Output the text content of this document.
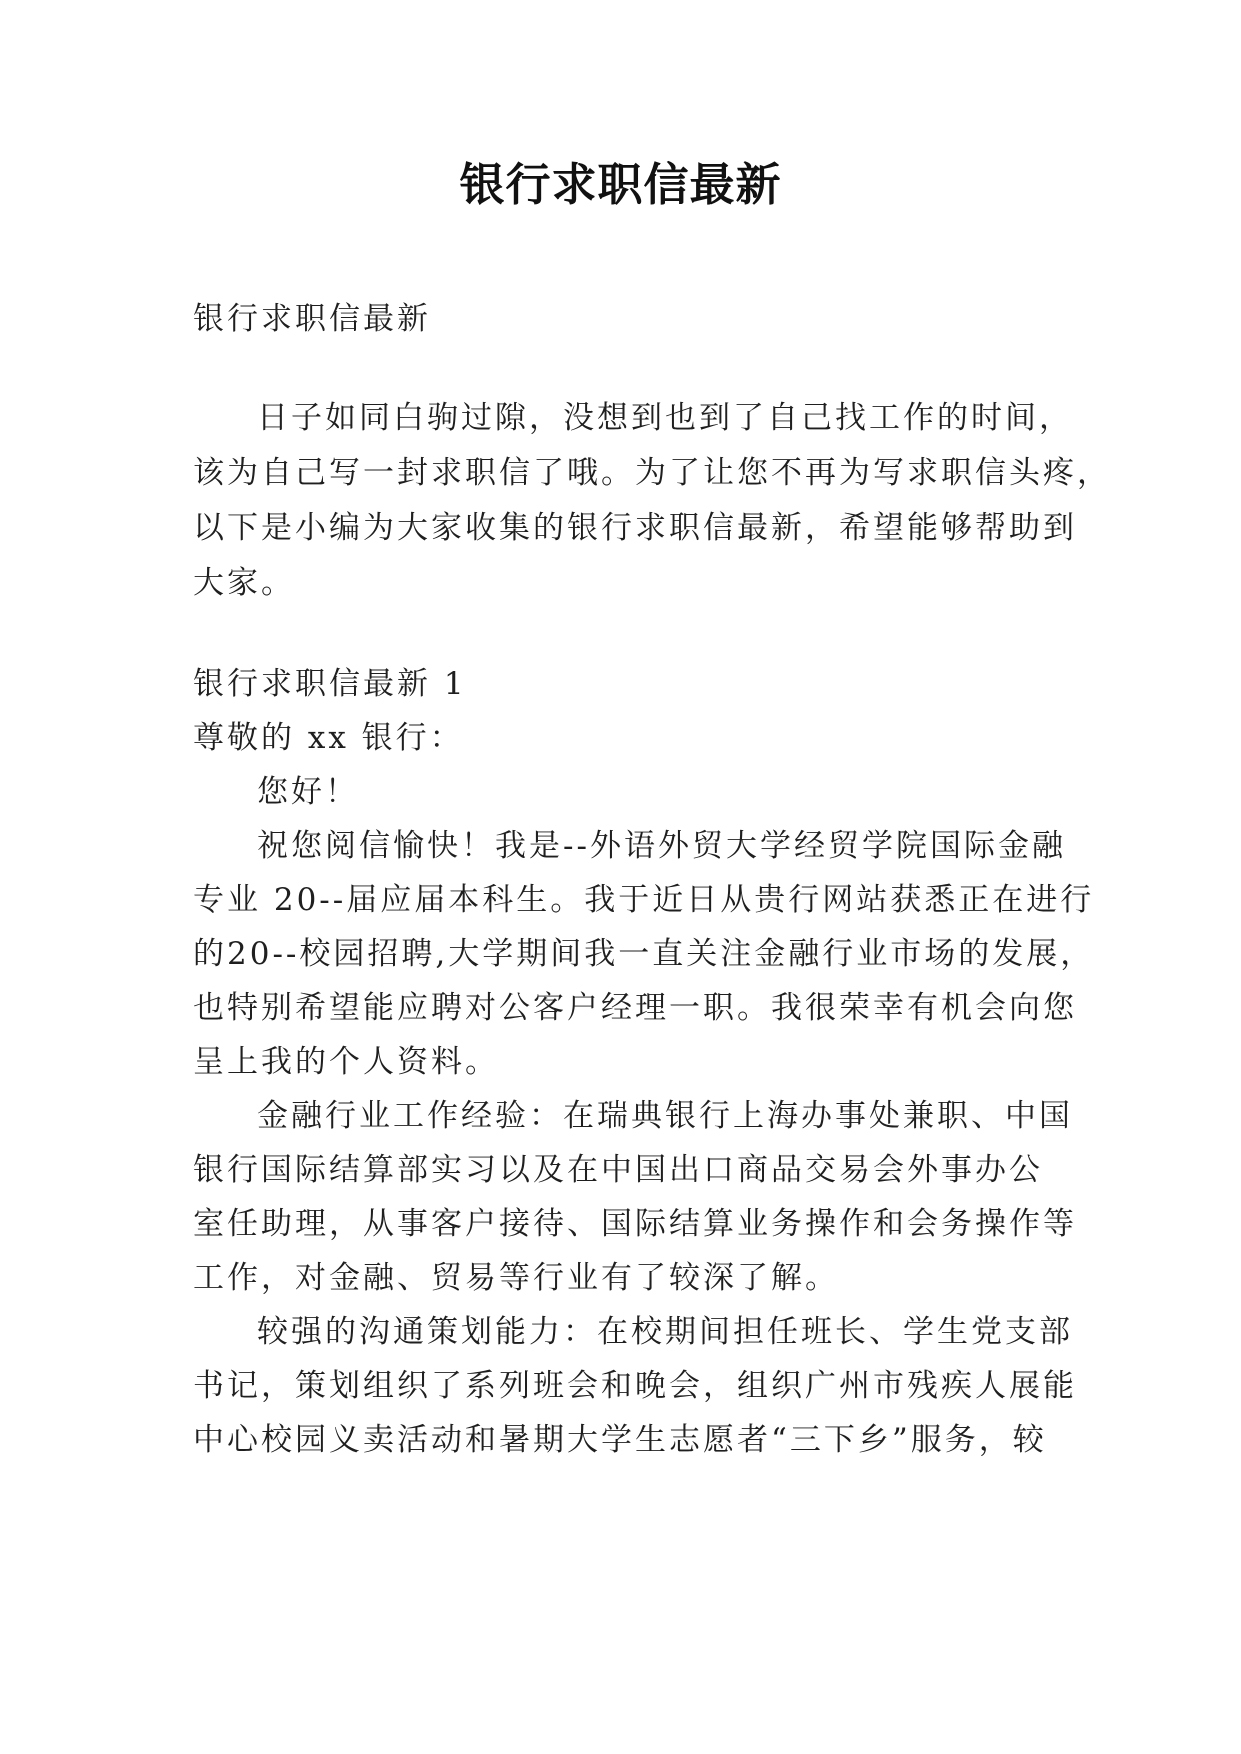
银行求职信最新
银行求职信最新
日子如同白驹过隙，没想到也到了自己找工作的时间，
该为自己写一封求职信了哦。为了让您不再为写求职信头疼，
以下是小编为大家收集的银行求职信最新，希望能够帮助到
大家。
银行求职信最新 1
尊敬的 xx 银行：
您好！
祝您阅信愉快！我是--外语外贸大学经贸学院国际金融
专业 20--届应届本科生。我于近日从贵行网站获悉正在进行
的20--校园招聘,大学期间我一直关注金融行业市场的发展，
也特别希望能应聘对公客户经理一职。我很荣幸有机会向您
呈上我的个人资料。
金融行业工作经验：在瑞典银行上海办事处兼职、中国
银行国际结算部实习以及在中国出口商品交易会外事办公
室任助理，从事客户接待、国际结算业务操作和会务操作等
工作，对金融、贸易等行业有了较深了解。
较强的沟通策划能力：在校期间担任班长、学生党支部
书记，策划组织了系列班会和晚会，组织广州市残疾人展能
中心校园义卖活动和暑期大学生志愿者“三下乡”服务，较
